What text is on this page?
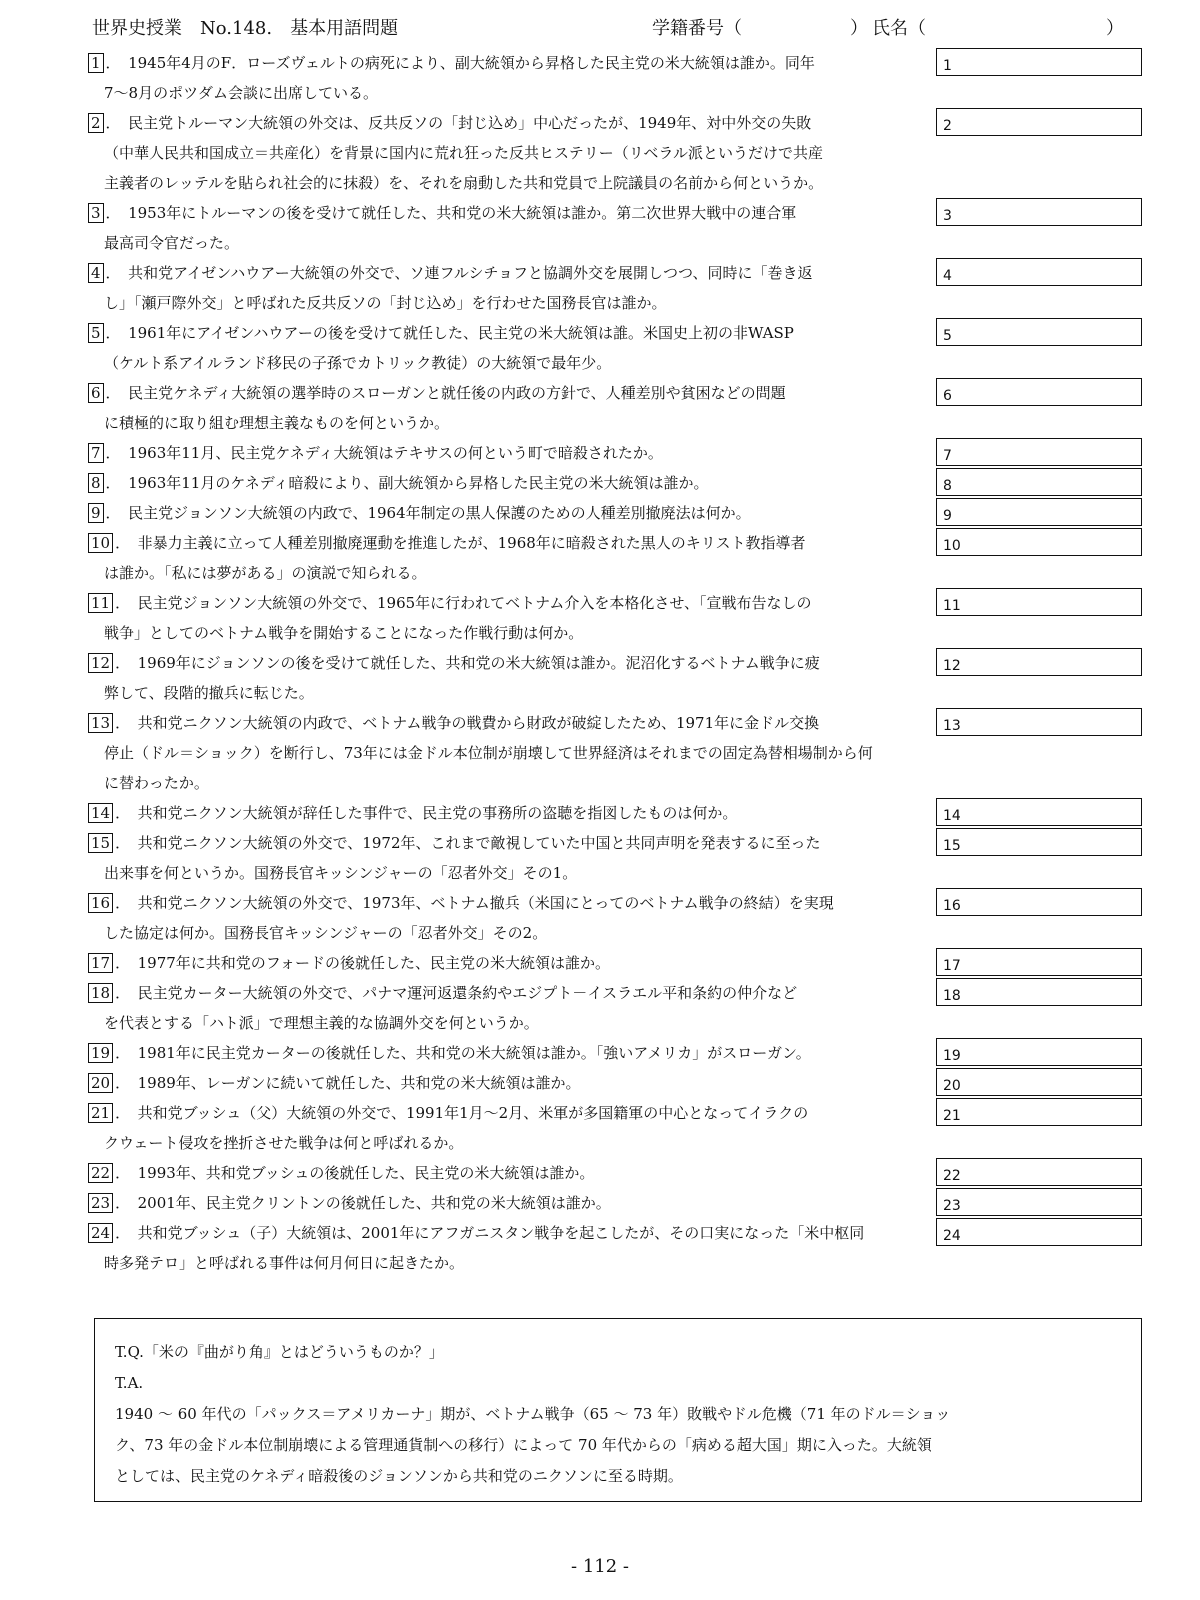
世界史授業　No.148.　基本用語問題	学籍番号（　　　　　　） 氏名（　　　　　　　　　　）
1 ．　1945年4月のF．ローズヴェルトの病死により、副大統領から昇格した民主党の米大統領は誰か。同年
7～8月のポツダム会談に出席している。
2 ．　民主党トルーマン大統領の外交は、反共反ソの「封じ込め」中心だったが、1949年、対中外交の失敗
（中華人民共和国成立＝共産化）を背景に国内に荒れ狂った反共ヒステリー（リベラル派というだけで共産
主義者のレッテルを貼られ社会的に抹殺）を、それを扇動した共和党員で上院議員の名前から何というか。
3 ．　1953年にトルーマンの後を受けて就任した、共和党の米大統領は誰か。第二次世界大戦中の連合軍
最高司令官だった。
4 ．　共和党アイゼンハウアー大統領の外交で、ソ連フルシチョフと協調外交を展開しつつ、同時に「巻き返
し」「瀬戸際外交」と呼ばれた反共反ソの「封じ込め」を行わせた国務長官は誰か。
5 ．　1961年にアイゼンハウアーの後を受けて就任した、民主党の米大統領は誰。米国史上初の非WASP
（ケルト系アイルランド移民の子孫でカトリック教徒）の大統領で最年少。
6 ．　民主党ケネディ大統領の選挙時のスローガンと就任後の内政の方針で、人種差別や貧困などの問題
に積極的に取り組む理想主義なものを何というか。
7 ．　1963年11月、民主党ケネディ大統領はテキサスの何という町で暗殺されたか。
8 ．　1963年11月のケネディ暗殺により、副大統領から昇格した民主党の米大統領は誰か。
9 ．　民主党ジョンソン大統領の内政で、1964年制定の黒人保護のための人種差別撤廃法は何か。
10 ．　非暴力主義に立って人種差別撤廃運動を推進したが、1968年に暗殺された黒人のキリスト教指導者
は誰か。「私には夢がある」の演説で知られる。
11 ．　民主党ジョンソン大統領の外交で、1965年に行われてベトナム介入を本格化させ、「宣戦布告なしの
戦争」としてのベトナム戦争を開始することになった作戦行動は何か。
12 ．　1969年にジョンソンの後を受けて就任した、共和党の米大統領は誰か。泥沼化するベトナム戦争に疲
弊して、段階的撤兵に転じた。
13 ．　共和党ニクソン大統領の内政で、ベトナム戦争の戦費から財政が破綻したため、1971年に金ドル交換
停止（ドル＝ショック）を断行し、73年には金ドル本位制が崩壊して世界経済はそれまでの固定為替相場制から何
に替わったか。
14 ．　共和党ニクソン大統領が辞任した事件で、民主党の事務所の盗聴を指図したものは何か。
15 ．　共和党ニクソン大統領の外交で、1972年、これまで敵視していた中国と共同声明を発表するに至った
出来事を何というか。国務長官キッシンジャーの「忍者外交」その1。
16 ．　共和党ニクソン大統領の外交で、1973年、ベトナム撤兵（米国にとってのベトナム戦争の終結）を実現
した協定は何か。国務長官キッシンジャーの「忍者外交」その2。
17 ．　1977年に共和党のフォードの後就任した、民主党の米大統領は誰か。
18 ．　民主党カーター大統領の外交で、パナマ運河返還条約やエジプト－イスラエル平和条約の仲介など
を代表とする「ハト派」で理想主義的な協調外交を何というか。
19 ．　1981年に民主党カーターの後就任した、共和党の米大統領は誰か。「強いアメリカ」がスローガン。
20 ．　1989年、レーガンに続いて就任した、共和党の米大統領は誰か。
21 ．　共和党ブッシュ（父）大統領の外交で、1991年1月～2月、米軍が多国籍軍の中心となってイラクの
クウェート侵攻を挫折させた戦争は何と呼ばれるか。
22 ．　1993年、共和党ブッシュの後就任した、民主党の米大統領は誰か。
23 ．　2001年、民主党クリントンの後就任した、共和党の米大統領は誰か。
24 ．　共和党ブッシュ（子）大統領は、2001年にアフガニスタン戦争を起こしたが、その口実になった「米中枢同
時多発テロ」と呼ばれる事件は何月何日に起きたか。
1
2
3
4
5
6
7
8
9
10
11
12
13
14
15
16
17
18
19
20
21
22
23
24
T.Q.「米の『曲がり角』とはどういうものか？」
T.A.
1940 ～ 60 年代の「パックス＝アメリカーナ」期が、ベトナム戦争（65 ～ 73 年）敗戦やドル危機（71 年のドル＝ショッ
ク、73 年の金ドル本位制崩壊による管理通貨制への移行）によって 70 年代からの「病める超大国」期に入った。大統領
としては、民主党のケネディ暗殺後のジョンソンから共和党のニクソンに至る時期。
- 112 -
